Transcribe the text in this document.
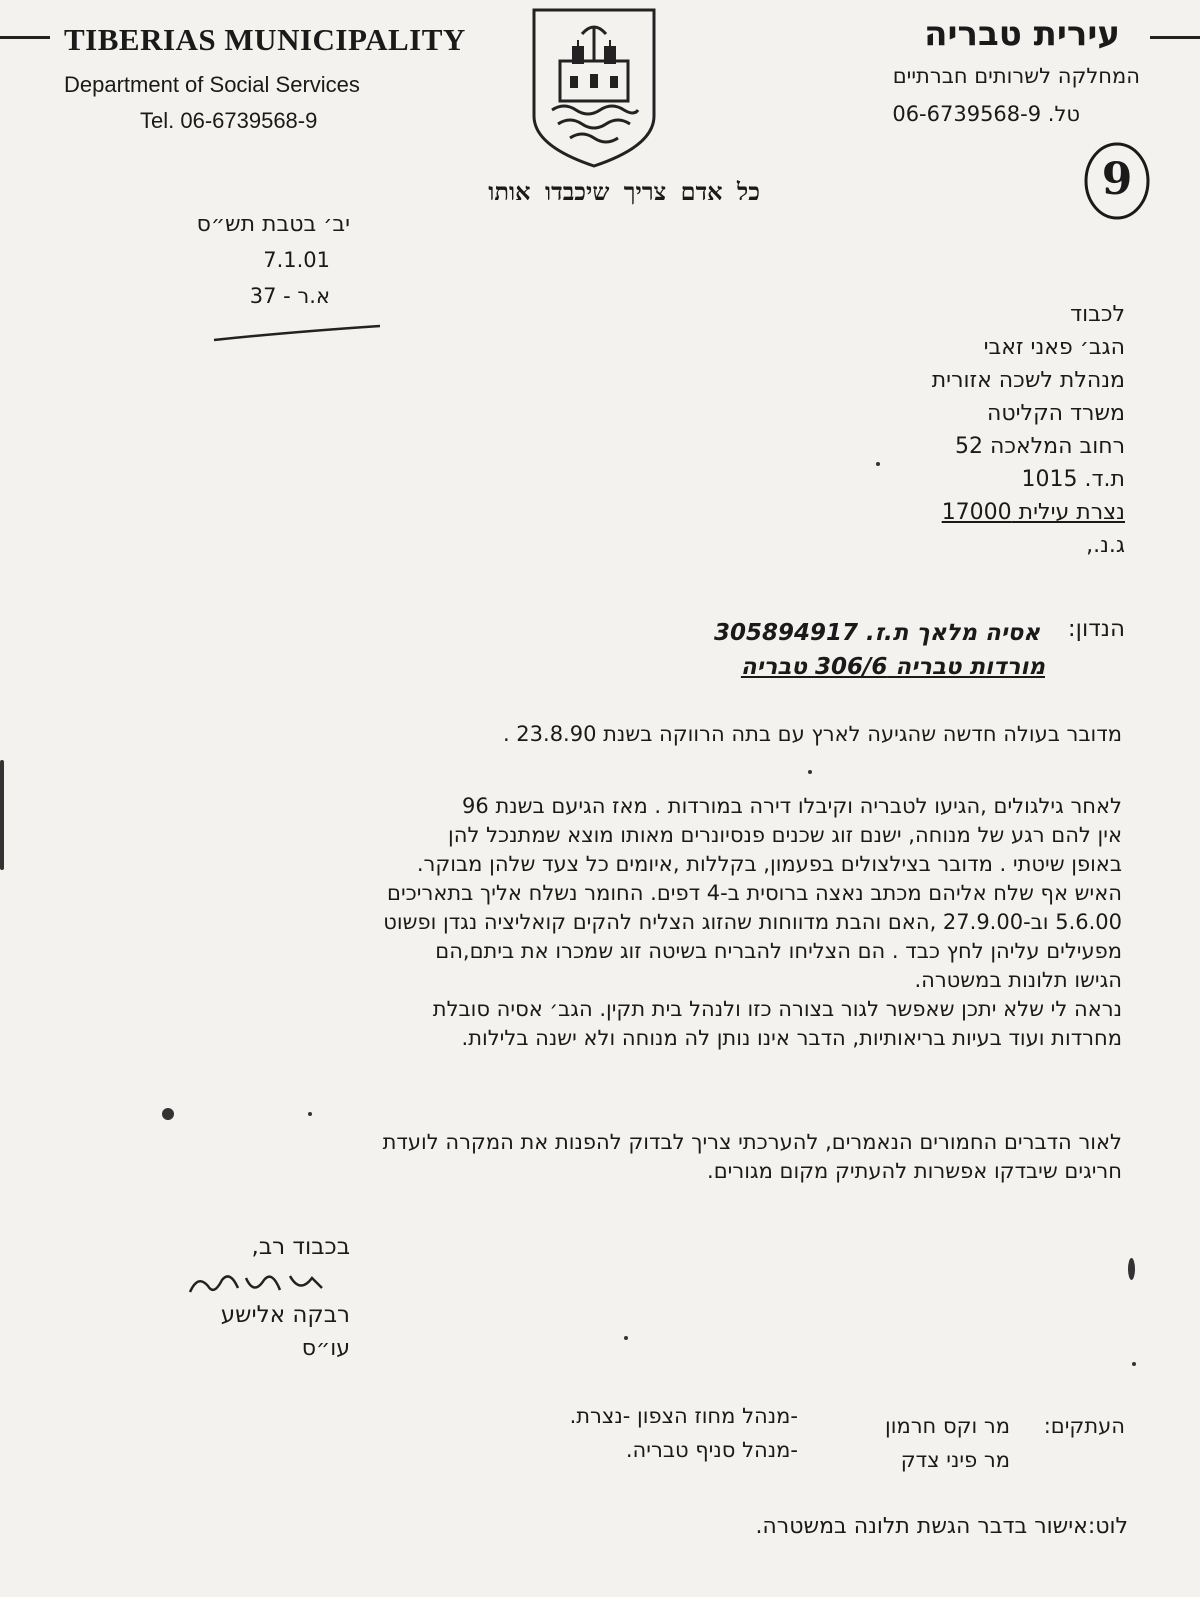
TIBERIAS MUNICIPALITY
Department of Social Services
Tel. 06-6739568-9
עירית טבריה
המחלקה לשרותים חברתיים
טל. 06-6739568-9
9
כל אדם צריך שיכבדו אותו
יב׳ בטבת תש״ס
7.1.01
א.ר - 37
לכבוד
הגב׳ פאני זאבי
מנהלת לשכה אזורית
משרד הקליטה
רחוב המלאכה 52
ת.ד. 1015
נצרת עילית 17000
ג.נ.,
הנדון:
אסיה מלאך ת.ז. 305894917
מורדות טבריה 306/6 טבריה
מדובר בעולה חדשה שהגיעה לארץ עם בתה הרווקה בשנת 23.8.90 .

לאחר גילגולים ,הגיעו לטבריה וקיבלו דירה במורדות . מאז הגיעם בשנת 96

אין להם רגע של מנוחה, ישנם זוג שכנים פנסיונרים מאותו מוצא שמתנכל להן

באופן שיטתי . מדובר בצילצולים בפעמון, בקללות ,איומים כל צעד שלהן מבוקר.

האיש אף שלח אליהם מכתב נאצה ברוסית ב-4 דפים. החומר נשלח אליך בתאריכים

5.6.00 וב-27.9.00 ,האם והבת מדווחות שהזוג הצליח להקים קואליציה נגדן ופשוט

מפעילים עליהן לחץ כבד . הם הצליחו להבריח בשיטה זוג שמכרו את ביתם,הם

הגישו תלונות במשטרה.

נראה לי שלא יתכן שאפשר לגור בצורה כזו ולנהל בית תקין. הגב׳ אסיה סובלת

מחרדות ועוד בעיות בריאותיות, הדבר אינו נותן לה מנוחה ולא ישנה בלילות.

לאור הדברים החמורים הנאמרים, להערכתי צריך לבדוק להפנות את המקרה לועדת

חריגים שיבדקו אפשרות להעתיק מקום מגורים.

בכבוד רב,
רבקה אלישע
עו״ס
העתקים:
מר וקס חרמון
מר פיני צדק
-מנהל מחוז הצפון -נצרת.
-מנהל סניף טבריה.
לוט:אישור בדבר הגשת תלונה במשטרה.
